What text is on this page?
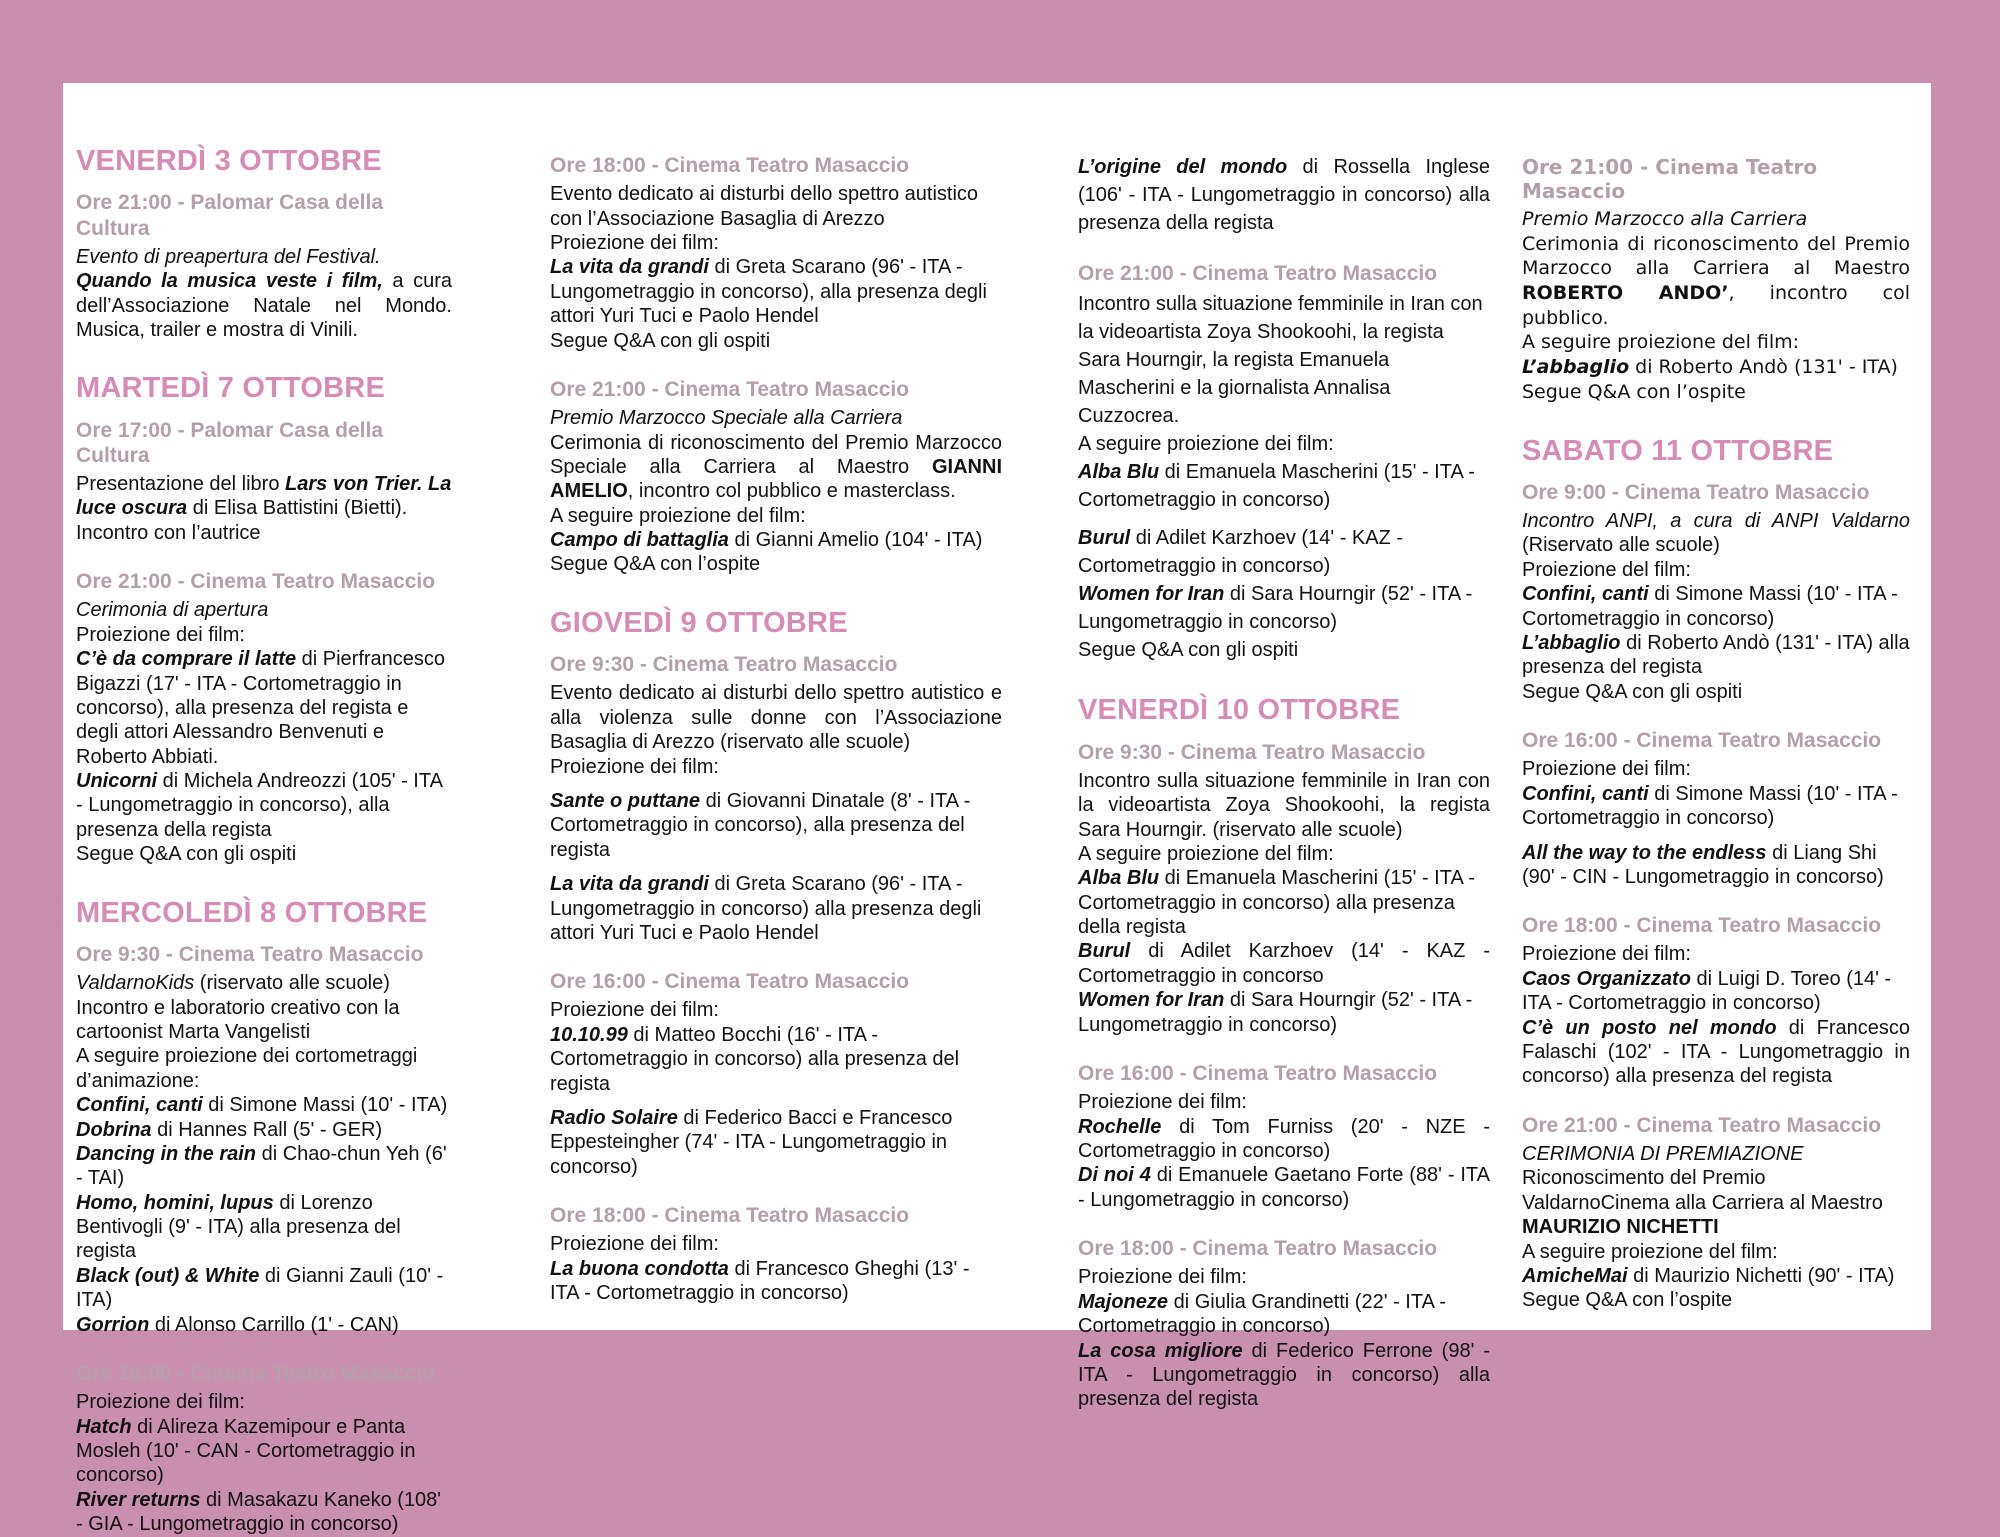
VENERDÌ 3 OTTOBRE
Ore 21:00 - Palomar Casa della Cultura

Evento di preapertura del Festival.

Quando la musica veste i film, a cura dell’Associazione Natale nel Mondo. Musica, trailer e mostra di Vinili.

MARTEDÌ 7 OTTOBRE
Ore 17:00 - Palomar Casa della Cultura

Presentazione del libro Lars von Trier. La luce oscura di Elisa Battistini (Bietti). Incontro con l’autrice

Ore 21:00 - Cinema Teatro Masaccio

Cerimonia di apertura

Proiezione dei film:

C’è da comprare il latte di Pierfrancesco Bigazzi (17' - ITA - Cortometraggio in concorso), alla presenza del regista e degli attori Alessandro Benvenuti e Roberto Abbiati.

Unicorni di Michela Andreozzi (105' - ITA - Lungometraggio in concorso), alla presenza della regista

Segue Q&A con gli ospiti

MERCOLEDÌ 8 OTTOBRE
Ore 9:30 - Cinema Teatro Masaccio

ValdarnoKids (riservato alle scuole)

Incontro e laboratorio creativo con la cartoonist Marta Vangelisti

A seguire proiezione dei cortometraggi d’animazione:

Confini, canti di Simone Massi (10' - ITA)

Dobrina di Hannes Rall (5' - GER)

Dancing in the rain di Chao-chun Yeh (6' - TAI)

Homo, homini, lupus di Lorenzo Bentivogli (9' - ITA) alla presenza del regista

Black (out) & White di Gianni Zauli (10' - ITA)

Gorrion di Alonso Carrillo (1' - CAN)

Ore 16:00 - Cinema Teatro Masaccio

Proiezione dei film:

Hatch di Alireza Kazemipour e Panta Mosleh (10' - CAN - Cortometraggio in concorso)

River returns di Masakazu Kaneko (108' - GIA - Lungometraggio in concorso)

Ore 18:00 - Cinema Teatro Masaccio

Evento dedicato ai disturbi dello spettro autistico con l’Associazione Basaglia di Arezzo

Proiezione dei film:

La vita da grandi di Greta Scarano (96' - ITA - Lungometraggio in concorso), alla presenza degli attori Yuri Tuci e Paolo Hendel

Segue Q&A con gli ospiti

Ore 21:00 - Cinema Teatro Masaccio

Premio Marzocco Speciale alla Carriera

Cerimonia di riconoscimento del Premio Marzocco Speciale alla Carriera al Maestro GIANNI AMELIO, incontro col pubblico e masterclass.

A seguire proiezione del film:

Campo di battaglia di Gianni Amelio (104' - ITA)

Segue Q&A con l’ospite

GIOVEDÌ 9 OTTOBRE
Ore 9:30 - Cinema Teatro Masaccio

Evento dedicato ai disturbi dello spettro autistico e alla violenza sulle donne con l’Associazione Basaglia di Arezzo (riservato alle scuole)

Proiezione dei film:

Sante o puttane di Giovanni Dinatale (8' - ITA - Cortometraggio in concorso), alla presenza del regista

La vita da grandi di Greta Scarano (96' - ITA - Lungometraggio in concorso) alla presenza degli attori Yuri Tuci e Paolo Hendel

Ore 16:00 - Cinema Teatro Masaccio

Proiezione dei film:

10.10.99 di Matteo Bocchi (16' - ITA - Cortometraggio in concorso) alla presenza del regista

Radio Solaire di Federico Bacci e Francesco Eppesteingher (74' - ITA - Lungometraggio in concorso)

Ore 18:00 - Cinema Teatro Masaccio

Proiezione dei film:

La buona condotta di Francesco Gheghi (13' - ITA - Cortometraggio in concorso)

L’origine del mondo di Rossella Inglese (106' - ITA - Lungometraggio in concorso) alla presenza della regista

Ore 21:00 - Cinema Teatro Masaccio

Incontro sulla situazione femminile in Iran con la videoartista Zoya Shookoohi, la regista Sara Hourngir, la regista Emanuela Mascherini e la giornalista Annalisa Cuzzocrea.

A seguire proiezione dei film:

Alba Blu di Emanuela Mascherini (15' - ITA - Cortometraggio in concorso)

Burul di Adilet Karzhoev (14' - KAZ - Cortometraggio in concorso)

Women for Iran di Sara Hourngir (52' - ITA - Lungometraggio in concorso)

Segue Q&A con gli ospiti

VENERDÌ 10 OTTOBRE
Ore 9:30 - Cinema Teatro Masaccio

Incontro sulla situazione femminile in Iran con la videoartista Zoya Shookoohi, la regista Sara Hourngir. (riservato alle scuole)

A seguire proiezione del film:

Alba Blu di Emanuela Mascherini (15' - ITA - Cortometraggio in concorso) alla presenza della regista

Burul di Adilet Karzhoev (14' - KAZ - Cortometraggio in concorso

Women for Iran di Sara Hourngir (52' - ITA - Lungometraggio in concorso)

Ore 16:00 - Cinema Teatro Masaccio

Proiezione dei film:

Rochelle di Tom Furniss (20' - NZE - Cortometraggio in concorso)

Di noi 4 di Emanuele Gaetano Forte (88' - ITA - Lungometraggio in concorso)

Ore 18:00 - Cinema Teatro Masaccio

Proiezione dei film:

Majoneze di Giulia Grandinetti (22' - ITA - Cortometraggio in concorso)

La cosa migliore di Federico Ferrone (98' - ITA - Lungometraggio in concorso) alla presenza del regista

Ore 21:00 - Cinema Teatro Masaccio

Premio Marzocco alla Carriera

Cerimonia di riconoscimento del Premio Marzocco alla Carriera al Maestro ROBERTO ANDO’, incontro col pubblico.

A seguire proiezione del film:

L’abbaglio di Roberto Andò (131' - ITA)

Segue Q&A con l’ospite

SABATO 11 OTTOBRE
Ore 9:00 - Cinema Teatro Masaccio

Incontro ANPI, a cura di ANPI Valdarno (Riservato alle scuole)

Proiezione del film:

Confini, canti di Simone Massi (10' - ITA - Cortometraggio in concorso)

L’abbaglio di Roberto Andò (131' - ITA) alla presenza del regista

Segue Q&A con gli ospiti

Ore 16:00 - Cinema Teatro Masaccio

Proiezione dei film:

Confini, canti di Simone Massi (10' - ITA - Cortometraggio in concorso)

All the way to the endless di Liang Shi (90' - CIN - Lungometraggio in concorso)

Ore 18:00 - Cinema Teatro Masaccio

Proiezione dei film:

Caos Organizzato di Luigi D. Toreo (14' - ITA - Cortometraggio in concorso)

C’è un posto nel mondo di Francesco Falaschi (102' - ITA - Lungometraggio in concorso) alla presenza del regista

Ore 21:00 - Cinema Teatro Masaccio

CERIMONIA DI PREMIAZIONE

Riconoscimento del Premio ValdarnoCinema alla Carriera al Maestro MAURIZIO NICHETTI

A seguire proiezione del film:

AmicheMai di Maurizio Nichetti (90' - ITA)

Segue Q&A con l’ospite
